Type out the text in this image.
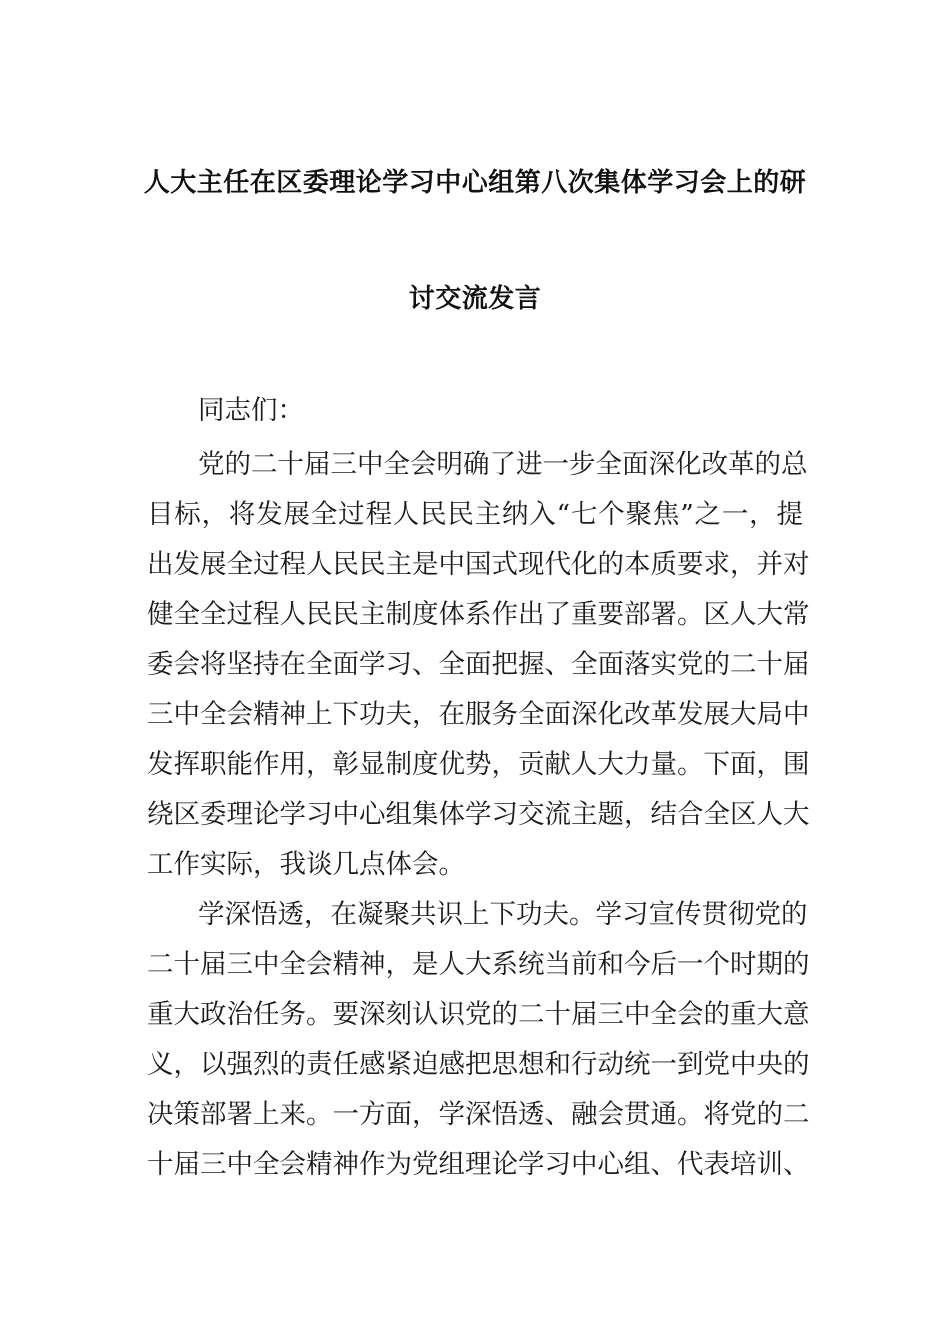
人大主任在区委理论学习中心组第八次集体学习会上的研
讨交流发言
同志们：
党的二十届三中全会明确了进一步全面深化改革的总
目标，将发展全过程人民民主纳入“七个聚焦”之一，提
出发展全过程人民民主是中国式现代化的本质要求，并对
健全全过程人民民主制度体系作出了重要部署。区人大常
委会将坚持在全面学习、全面把握、全面落实党的二十届
三中全会精神上下功夫，在服务全面深化改革发展大局中
发挥职能作用，彰显制度优势，贡献人大力量。下面，围
绕区委理论学习中心组集体学习交流主题，结合全区人大
工作实际，我谈几点体会。
学深悟透，在凝聚共识上下功夫。学习宣传贯彻党的
二十届三中全会精神，是人大系统当前和今后一个时期的
重大政治任务。要深刻认识党的二十届三中全会的重大意
义，以强烈的责任感紧迫感把思想和行动统一到党中央的
决策部署上来。一方面，学深悟透、融会贯通。将党的二
十届三中全会精神作为党组理论学习中心组、代表培训、
